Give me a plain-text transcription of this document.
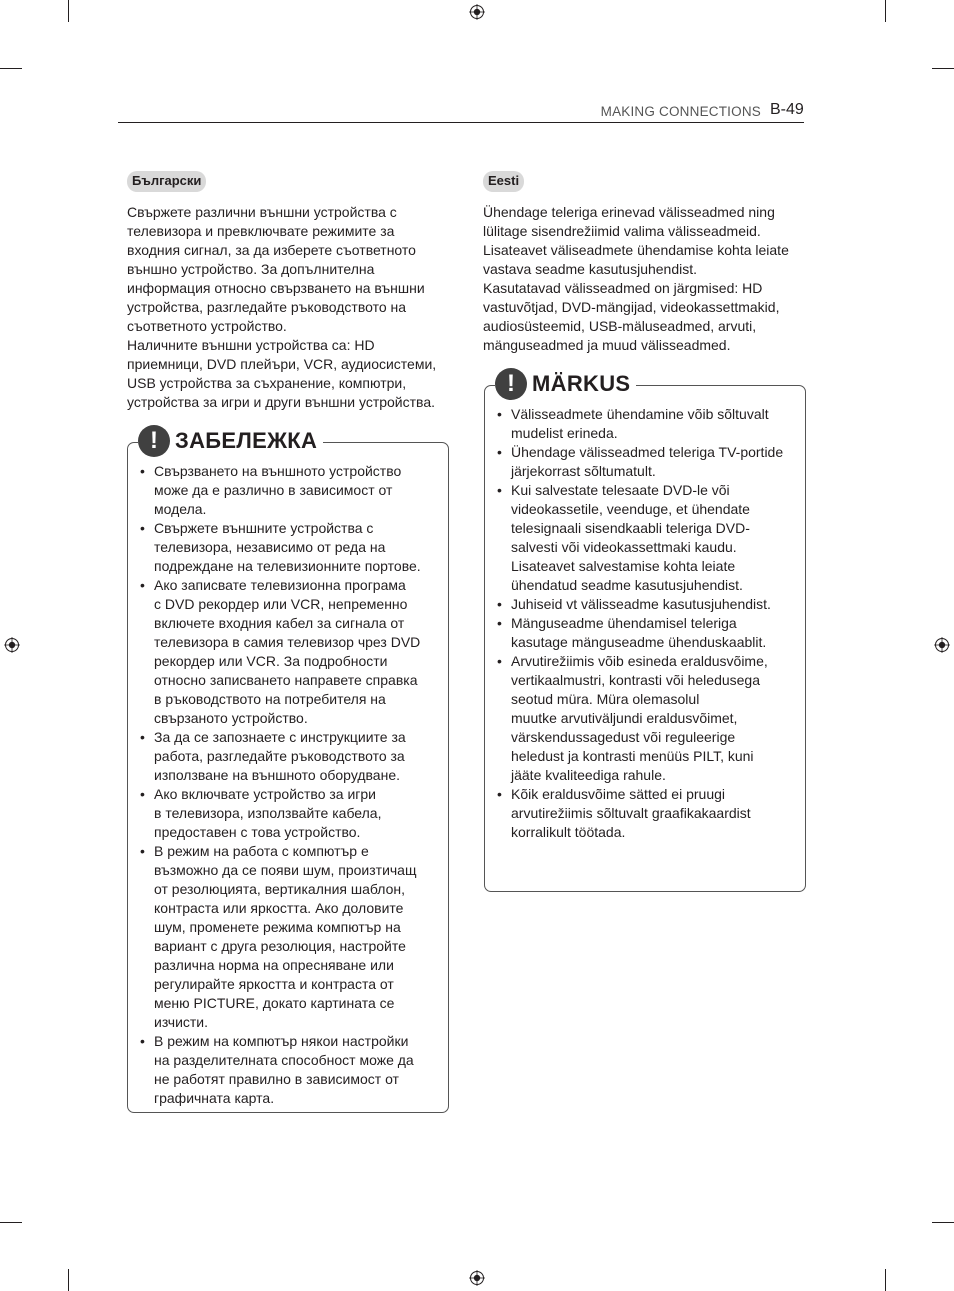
MAKING CONNECTIONS B-49
Български

Свържете различни външни устройства с

телевизора и превключвате режимите за

входния сигнал, за да изберете съответното

външно устройство. За допълнителна

информация относно свързването на външни

устройства, разгледайте ръководството на

съответното устройство.

Наличните външни устройства са: HD

приемници, DVD плейъри, VCR, аудиосистеми,

USB устройства за съхранение, компютри,

устройства за игри и други външни устройства.

! ЗАБЕЛЕЖКА
• Свързването на външното устройство
може да е различно в зависимост от
модела.
• Свържете външните устройства с
телевизора, независимо от реда на
подреждане на телевизионните портове.
• Ако записвате телевизионна програма
с DVD рекордер или VCR, непременно
включете входния кабел за сигнала от
телевизора в самия телевизор чрез DVD
рекордер или VCR. За подробности
относно записването направете справка
в ръководството на потребителя на
свързаното устройство.
• За да се запознаете с инструкциите за
работа, разгледайте ръководството за
използване на външното оборудване.
• Ако включвате устройство за игри
в телевизора, използвайте кабела,
предоставен с това устройство.
• В режим на работа с компютър е
възможно да се появи шум, произтичащ
от резолюцията, вертикалния шаблон,
контраста или яркостта. Ако доловите
шум, променете режима компютър на
вариант с друга резолюция, настройте
различна норма на опресняване или
регулирайте яркостта и контраста от
меню PICTURE, докато картината се
изчисти.
• В режим на компютър някои настройки
на разделителната способност може да
не работят правилно в зависимост от
графичната карта.
Eesti

Ühendage teleriga erinevad välisseadmed ning

lülitage sisendrežiimid valima välisseadmeid.

Lisateavet väliseadmete ühendamise kohta leiate

vastava seadme kasutusjuhendist.

Kasutatavad välisseadmed on järgmised: HD

vastuvõtjad, DVD-mängijad, videokassettmakid,

audiosüsteemid, USB-mäluseadmed, arvuti,

mänguseadmed ja muud välisseadmed.

! MÄRKUS
• Välisseadmete ühendamine võib sõltuvalt
mudelist erineda.
• Ühendage välisseadmed teleriga TV-portide
järjekorrast sõltumatult.
• Kui salvestate telesaate DVD-le või
videokassetile, veenduge, et ühendate
telesignaali sisendkaabli teleriga DVD-
salvesti või videokassettmaki kaudu.
Lisateavet salvestamise kohta leiate
ühendatud seadme kasutusjuhendist.
• Juhiseid vt välisseadme kasutusjuhendist.
• Mänguseadme ühendamisel teleriga
kasutage mänguseadme ühenduskaablit.
• Arvutirežiimis võib esineda eraldusvõime,
vertikaalmustri, kontrasti või heledusega
seotud müra. Müra olemasolul
muutke arvutiväljundi eraldusvõimet,
värskendussagedust või reguleerige
heledust ja kontrasti menüüs PILT, kuni
jääte kvaliteediga rahule.
• Kõik eraldusvõime sätted ei pruugi
arvutirežiimis sõltuvalt graafikakaardist
korralikult töötada.
